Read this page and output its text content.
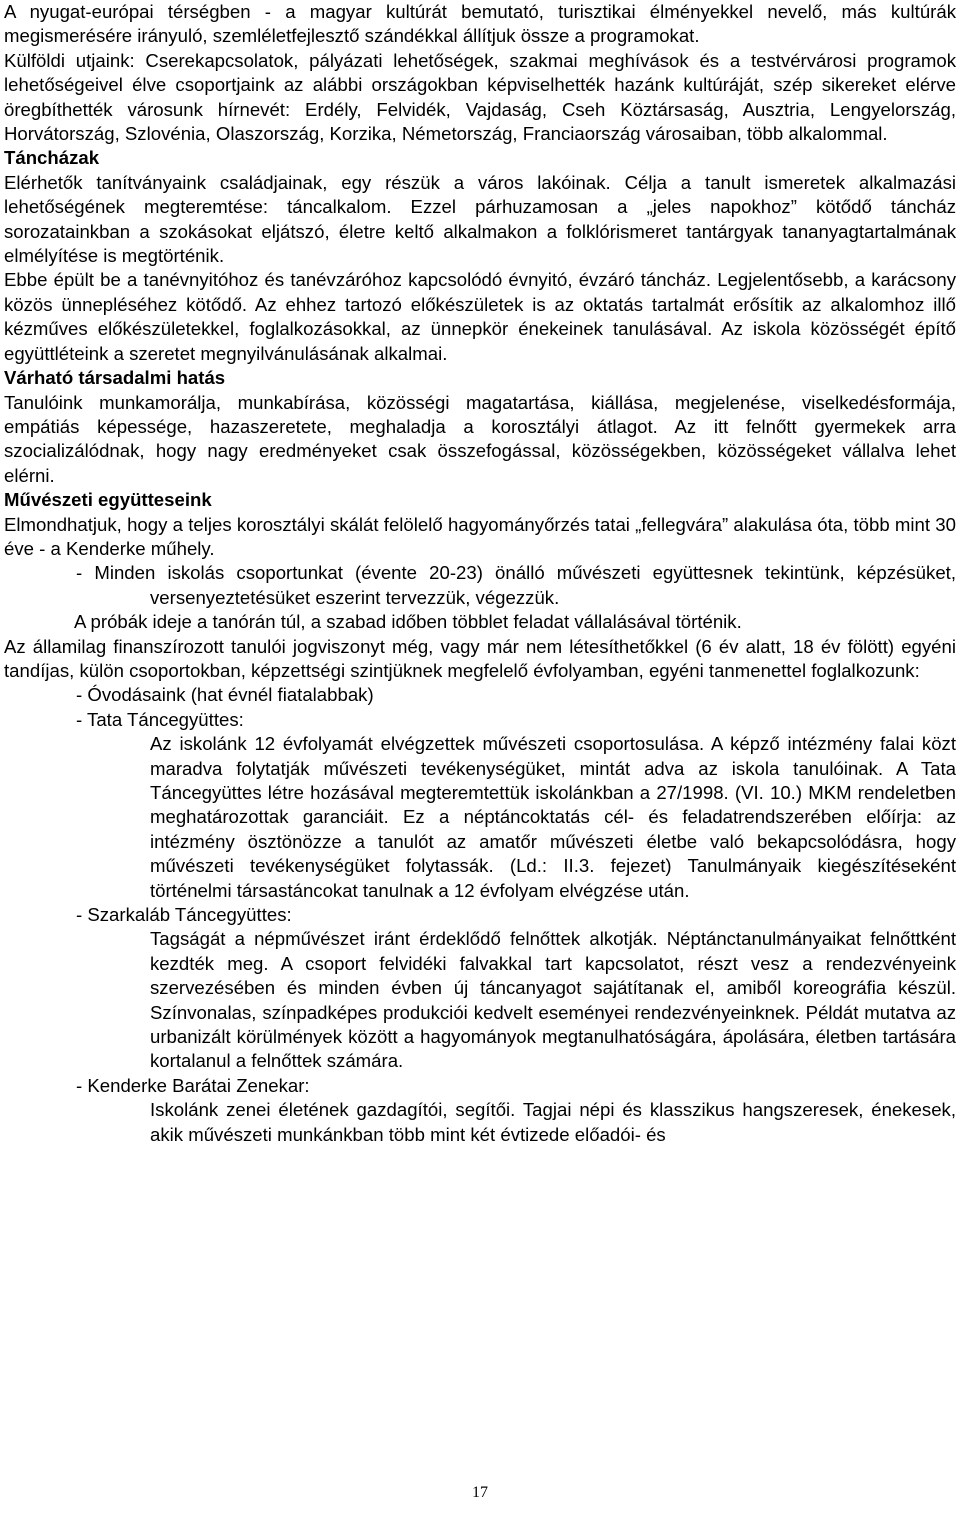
A nyugat-európai térségben - a magyar kultúrát bemutató, turisztikai élményekkel nevelő, más kultúrák megismerésére irányuló, szemléletfejlesztő szándékkal állítjuk össze a programokat.

Külföldi utjaink: Cserekapcsolatok, pályázati lehetőségek, szakmai meghívások és a testvérvárosi programok lehetőségeivel élve csoportjaink az alábbi országokban képviselhették hazánk kultúráját, szép sikereket elérve öregbíthették városunk hírnevét: Erdély, Felvidék, Vajdaság, Cseh Köztársaság, Ausztria, Lengyelország, Horvátország, Szlovénia, Olaszország, Korzika, Németország, Franciaország városaiban, több alkalommal.

Táncházak

Elérhetők tanítványaink családjainak, egy részük a város lakóinak. Célja a tanult ismeretek alkalmazási lehetőségének megteremtése: táncalkalom. Ezzel párhuzamosan a „jeles napokhoz” kötődő táncház sorozatainkban a szokásokat eljátszó, életre keltő alkalmakon a folklórismeret tantárgyak tananyagtartalmának elmélyítése is megtörténik.

Ebbe épült be a tanévnyitóhoz és tanévzáróhoz kapcsolódó évnyitó, évzáró táncház. Legjelentősebb, a karácsony közös ünnepléséhez kötődő. Az ehhez tartozó előkészületek is az oktatás tartalmát erősítik az alkalomhoz illő kézműves előkészületekkel, foglalkozásokkal, az ünnepkör énekeinek tanulásával. Az iskola közösségét építő együttléteink a szeretet megnyilvánulásának alkalmai.

Várható társadalmi hatás

Tanulóink munkamorálja, munkabírása, közösségi magatartása, kiállása, megjelenése, viselkedésformája, empátiás képessége, hazaszeretete, meghaladja a korosztályi átlagot. Az itt felnőtt gyermekek arra szocializálódnak, hogy nagy eredményeket csak összefogással, közösségekben, közösségeket vállalva lehet elérni.

Művészeti együtteseink

Elmondhatjuk, hogy a teljes korosztályi skálát felölelő hagyományőrzés tatai „fellegvára” alakulása óta, több mint 30 éve - a Kenderke műhely.

- Minden iskolás csoportunkat (évente 20-23) önálló művészeti együttesnek tekintünk, képzésüket, versenyeztetésüket eszerint tervezzük, végezzük.

A próbák ideje a tanórán túl, a szabad időben többlet feladat vállalásával történik.

Az államilag finanszírozott tanulói jogviszonyt még, vagy már nem létesíthetőkkel (6 év alatt, 18 év fölött) egyéni tandíjas, külön csoportokban, képzettségi szintjüknek megfelelő évfolyamban, egyéni tanmenettel foglalkozunk:

- Óvodásaink (hat évnél fiatalabbak)

- Tata Táncegyüttes:

Az iskolánk 12 évfolyamát elvégzettek művészeti csoportosulása. A képző intézmény falai közt maradva folytatják művészeti tevékenységüket, mintát adva az iskola tanulóinak. A Tata Táncegyüttes létre hozásával megteremtettük iskolánkban a 27/1998. (VI. 10.) MKM rendeletben meghatározottak garanciáit. Ez a néptáncoktatás cél- és feladatrendszerében előírja: az intézmény ösztönözze a tanulót az amatőr művészeti életbe való bekapcsolódásra, hogy művészeti tevékenységüket folytassák. (Ld.: II.3. fejezet) Tanulmányaik kiegészítéseként történelmi társastáncokat tanulnak a 12 évfolyam elvégzése után.

- Szarkaláb Táncegyüttes:

Tagságát a népművészet iránt érdeklődő felnőttek alkotják. Néptánctanulmányaikat felnőttként kezdték meg. A csoport felvidéki falvakkal tart kapcsolatot, részt vesz a rendezvényeink szervezésében és minden évben új táncanyagot sajátítanak el, amiből koreográfia készül. Színvonalas, színpadképes produkciói kedvelt eseményei rendezvényeinknek. Példát mutatva az urbanizált körülmények között a hagyományok megtanulhatóságára, ápolására, életben tartására kortalanul a felnőttek számára.

- Kenderke Barátai Zenekar:

Iskolánk zenei életének gazdagítói, segítői. Tagjai népi és klasszikus hangszeresek, énekesek, akik művészeti munkánkban több mint két évtizede előadói- és

17
